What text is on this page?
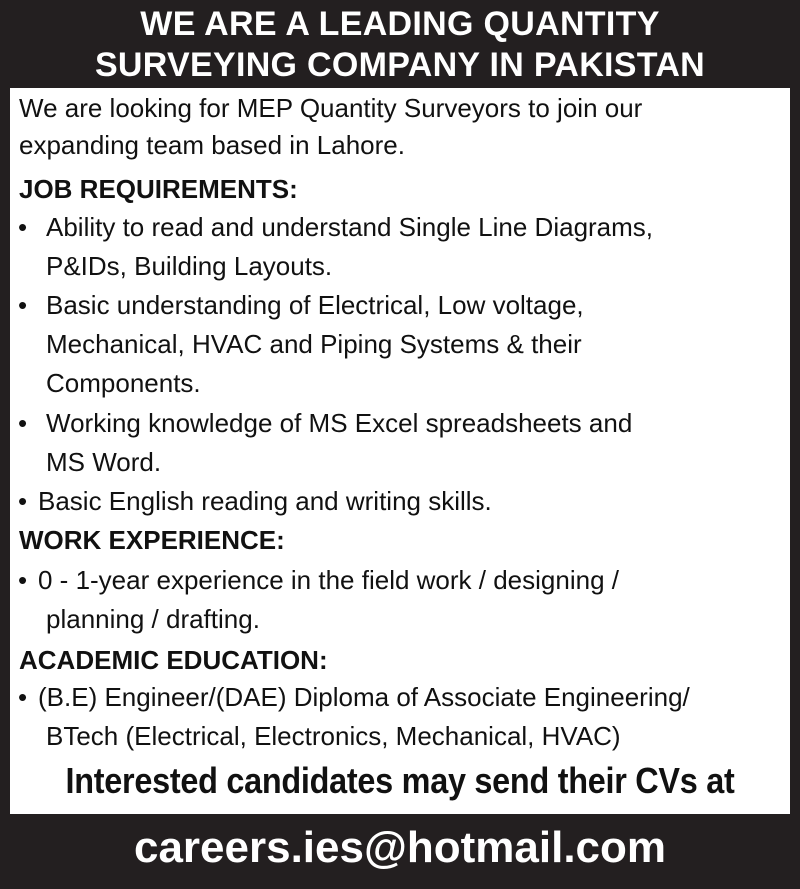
WE ARE A LEADING QUANTITY
SURVEYING COMPANY IN PAKISTAN
We are looking for MEP Quantity Surveyors to join our
expanding team based in Lahore.
JOB REQUIREMENTS:
• Ability to read and understand Single Line Diagrams,
P&IDs, Building Layouts.
• Basic understanding of Electrical, Low voltage,
Mechanical, HVAC and Piping Systems & their
Components.
• Working knowledge of MS Excel spreadsheets and
MS Word.
• Basic English reading and writing skills.
WORK EXPERIENCE:
• 0 - 1-year experience in the field work / designing /
planning / drafting.
ACADEMIC EDUCATION:
• (B.E) Engineer/(DAE) Diploma of Associate Engineering/
BTech (Electrical, Electronics, Mechanical, HVAC)
Interested candidates may send their CVs at
careers.ies@hotmail.com
